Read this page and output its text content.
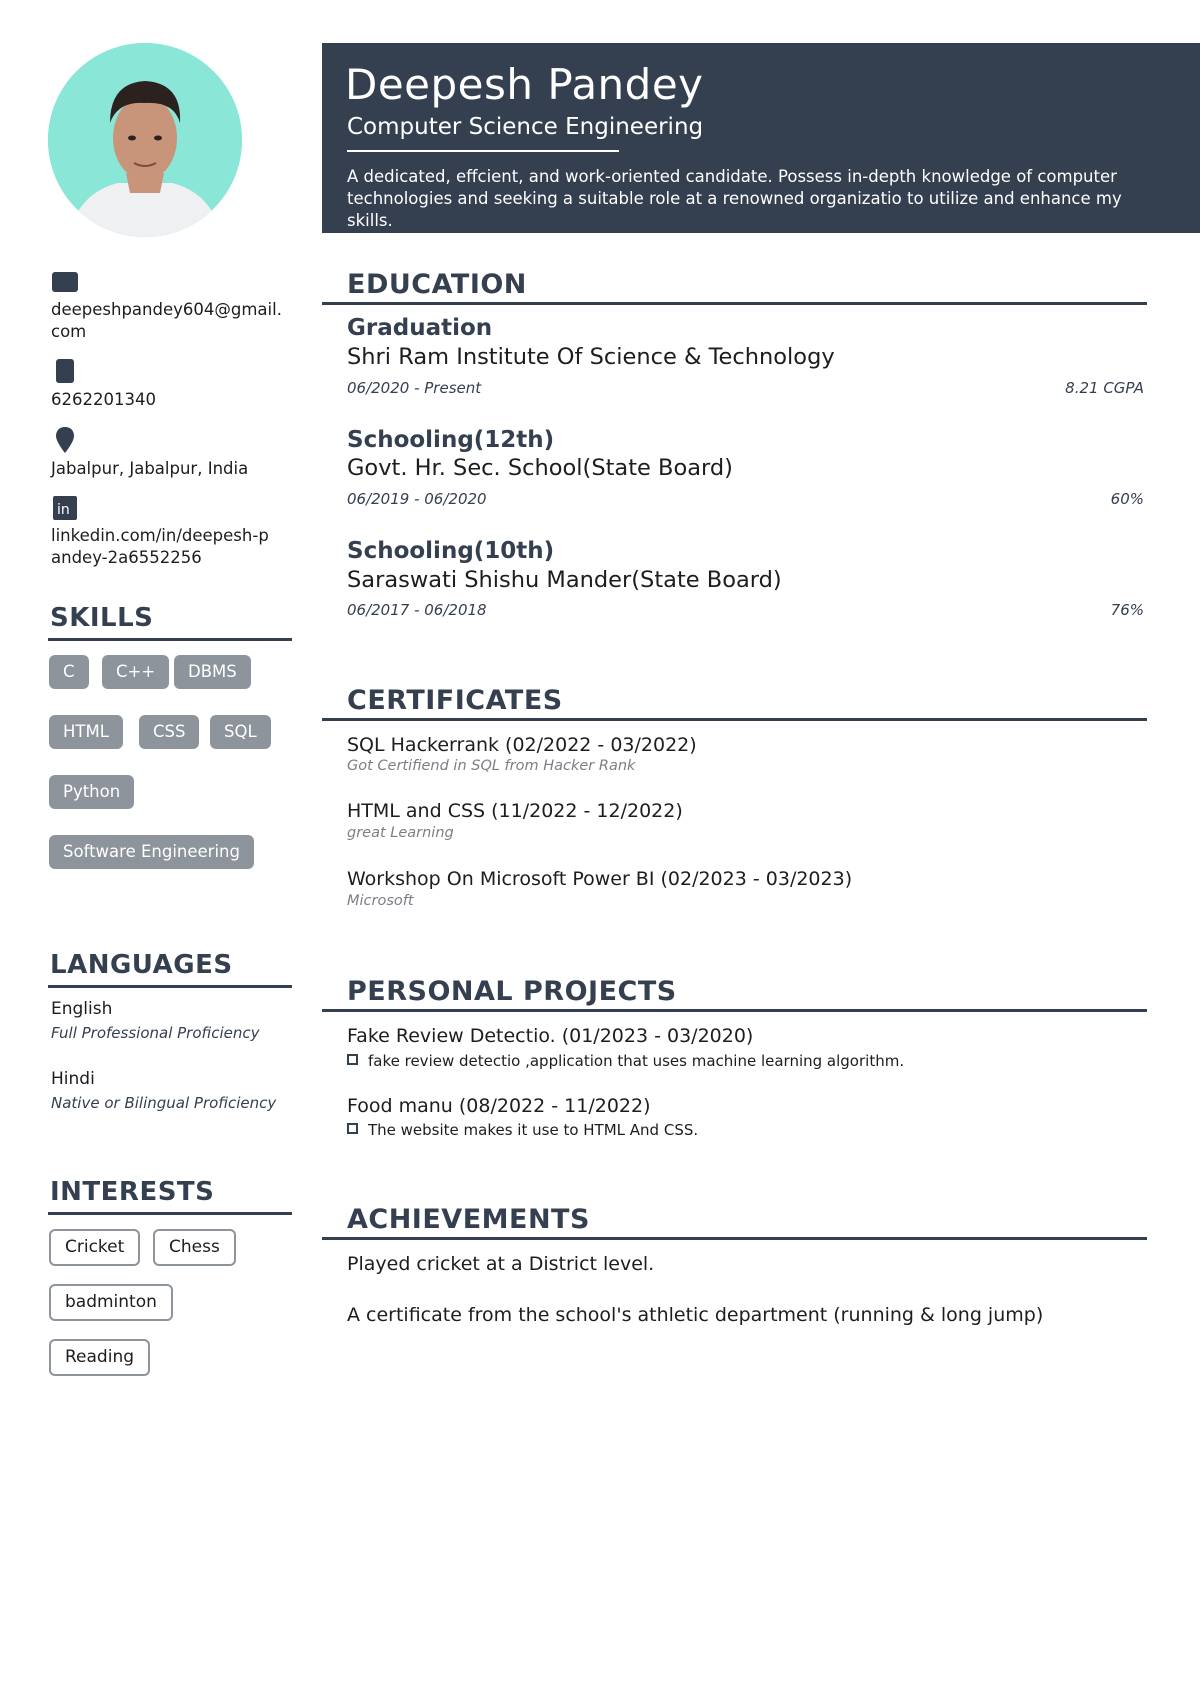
Deepesh Pandey
Computer Science Engineering
A dedicated, effcient, and work-oriented candidate. Possess in-depth knowledge of computer technologies and seeking a suitable role at a renowned organizatio to utilize and enhance my skills.
deepeshpandey604@gmail.com
6262201340
Jabalpur, Jabalpur, India
in
linkedin.com/in/deepesh-pandey-2a6552256
SKILLS
C	C++	DBMS
HTML	CSS	SQL
Python
Software Engineering
LANGUAGES
English
Full Professional Proficiency
Hindi
Native or Bilingual Proficiency
INTERESTS
Cricket	Chess
badminton
Reading
EDUCATION
Graduation
Shri Ram Institute Of Science & Technology
06/2020 - Present	8.21 CGPA
Schooling(12th)
Govt. Hr. Sec. School(State Board)
06/2019 - 06/2020	60%
Schooling(10th)
Saraswati Shishu Mander(State Board)
06/2017 - 06/2018	76%
CERTIFICATES
SQL Hackerrank (02/2022 - 03/2022)
Got Certifiend in SQL from Hacker Rank
HTML and CSS (11/2022 - 12/2022)
great Learning
Workshop On Microsoft Power BI (02/2023 - 03/2023)
Microsoft
PERSONAL PROJECTS
Fake Review Detectio. (01/2023 - 03/2020)
fake review detectio ,application that uses machine learning algorithm.
Food manu (08/2022 - 11/2022)
The website makes it use to HTML And CSS.
ACHIEVEMENTS
Played cricket at a District level.
A certificate from the school's athletic department (running & long jump)
